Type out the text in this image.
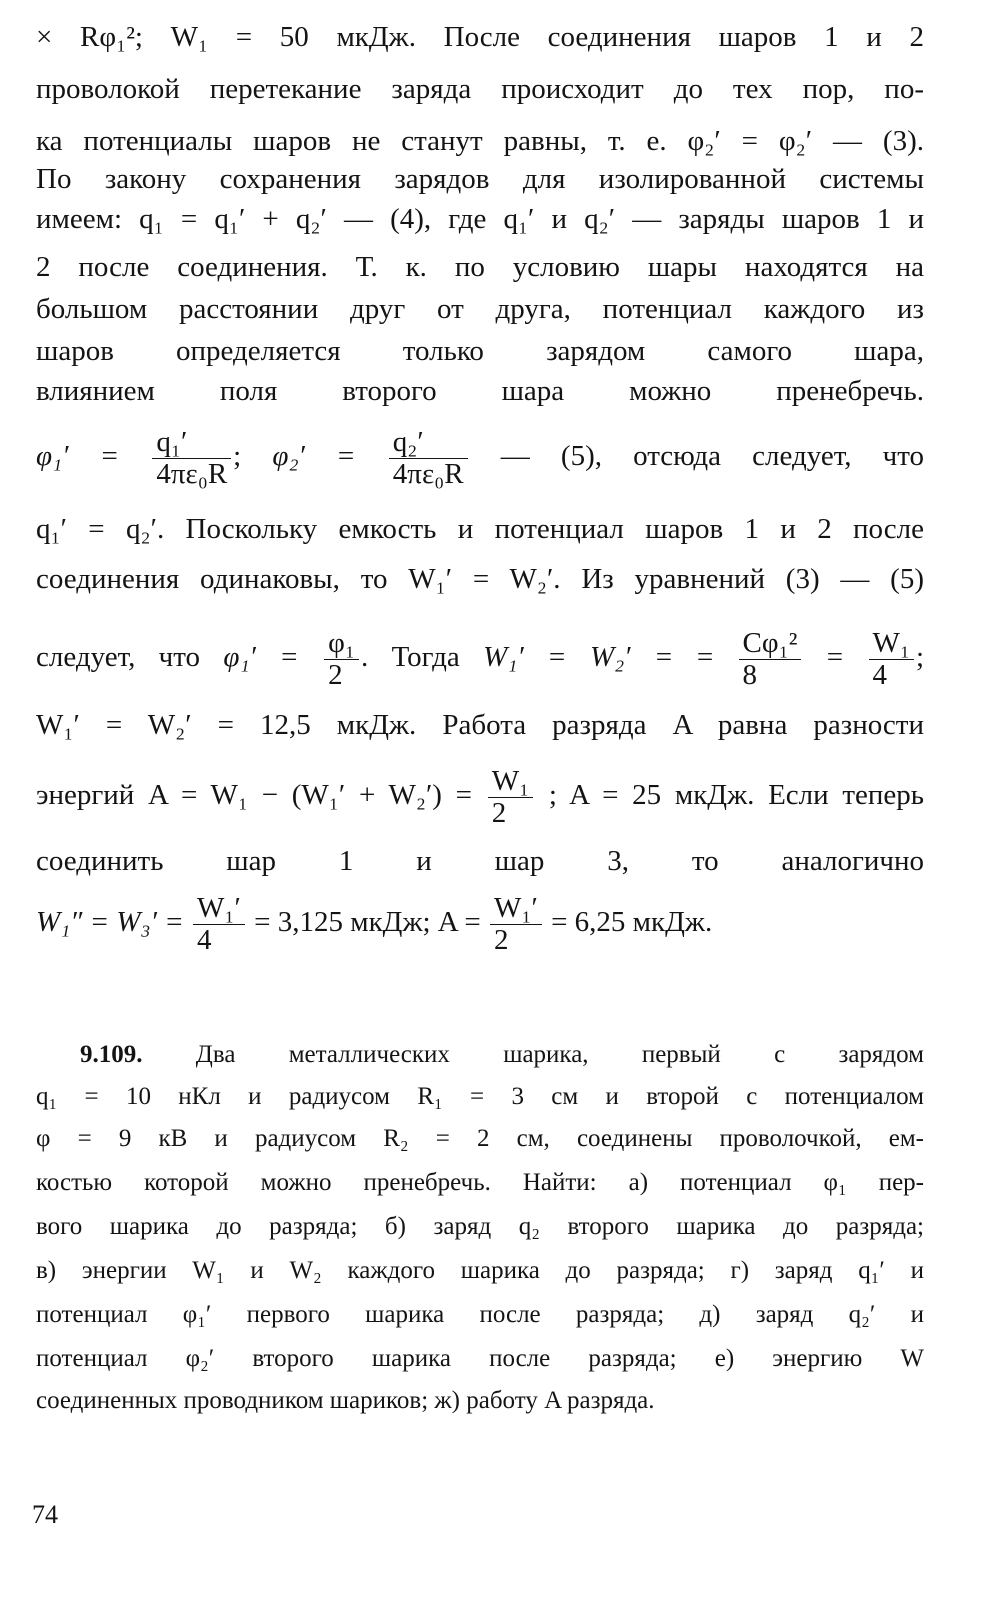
× Rφ₁²; W₁ = 50 мкДж. После соединения шаров 1 и 2

проволокой перетекание заряда происходит до тех пор, по-

ка потенциалы шаров не станут равны, т. е. φ₂′ = φ₂′ — (3).

По закону сохранения зарядов для изолированной системы

имеем: q₁ = q₁′ + q₂′ — (4), где q₁′ и q₂′ — заряды шаров 1 и

2 после соединения. Т. к. по условию шары находятся на

большом расстоянии друг от друга, потенциал каждого из

шаров определяется только зарядом самого шара,

влиянием поля второго шара можно пренебречь.

$\varphi_1' = \frac{\text{q₁′}}{\text{4πε₀R}}$ ; $\varphi_2' = \frac{\text{q₂′}}{\text{4πε₀R}}$ — (5), отсюда следует, что

q₁′ = q₂′. Поскольку емкость и потенциал шаров 1 и 2 после

соединения одинаковы, то W₁′ = W₂′. Из уравнений (3) — (5)

следует, что $\varphi_1' = \frac{\text{φ₁}}{2}$ . Тогда W₁′ = W₂′ = = $\frac{\text{Cφ₁²}}{8} = \frac{\text{W₁}}{4}$ ;

W₁′ = W₂′ = 12,5 мкДж. Работа разряда A равна разности

энергий $A = W_1 - (W_1' + W_2') = \frac{\text{W₁}}{2}$ ; A = 25 мкДж. Если теперь

соединить шар 1 и шар 3, то аналогично

$W_1'' = W_3' = \frac{\text{W₁′}}{4} = 3,125$ мкДж; $A = \frac{\text{W₁′}}{2} = 6,25$ мкДж.

9.109. Два металлических шарика, первый с зарядом

q₁ = 10 нКл и радиусом R₁ = 3 см и второй с потенциалом

φ = 9 кВ и радиусом R₂ = 2 см, соединены проволочкой, ем-

костью которой можно пренебречь. Найти: а) потенциал φ₁ пер-

вого шарика до разряда; б) заряд q₂ второго шарика до разряда;

в) энергии W₁ и W₂ каждого шарика до разряда; г) заряд q₁′ и

потенциал φ₁′ первого шарика после разряда; д) заряд q₂′ и

потенциал φ₂′ второго шарика после разряда; е) энергию W

соединенных проводником шариков; ж) работу A разряда.

74
